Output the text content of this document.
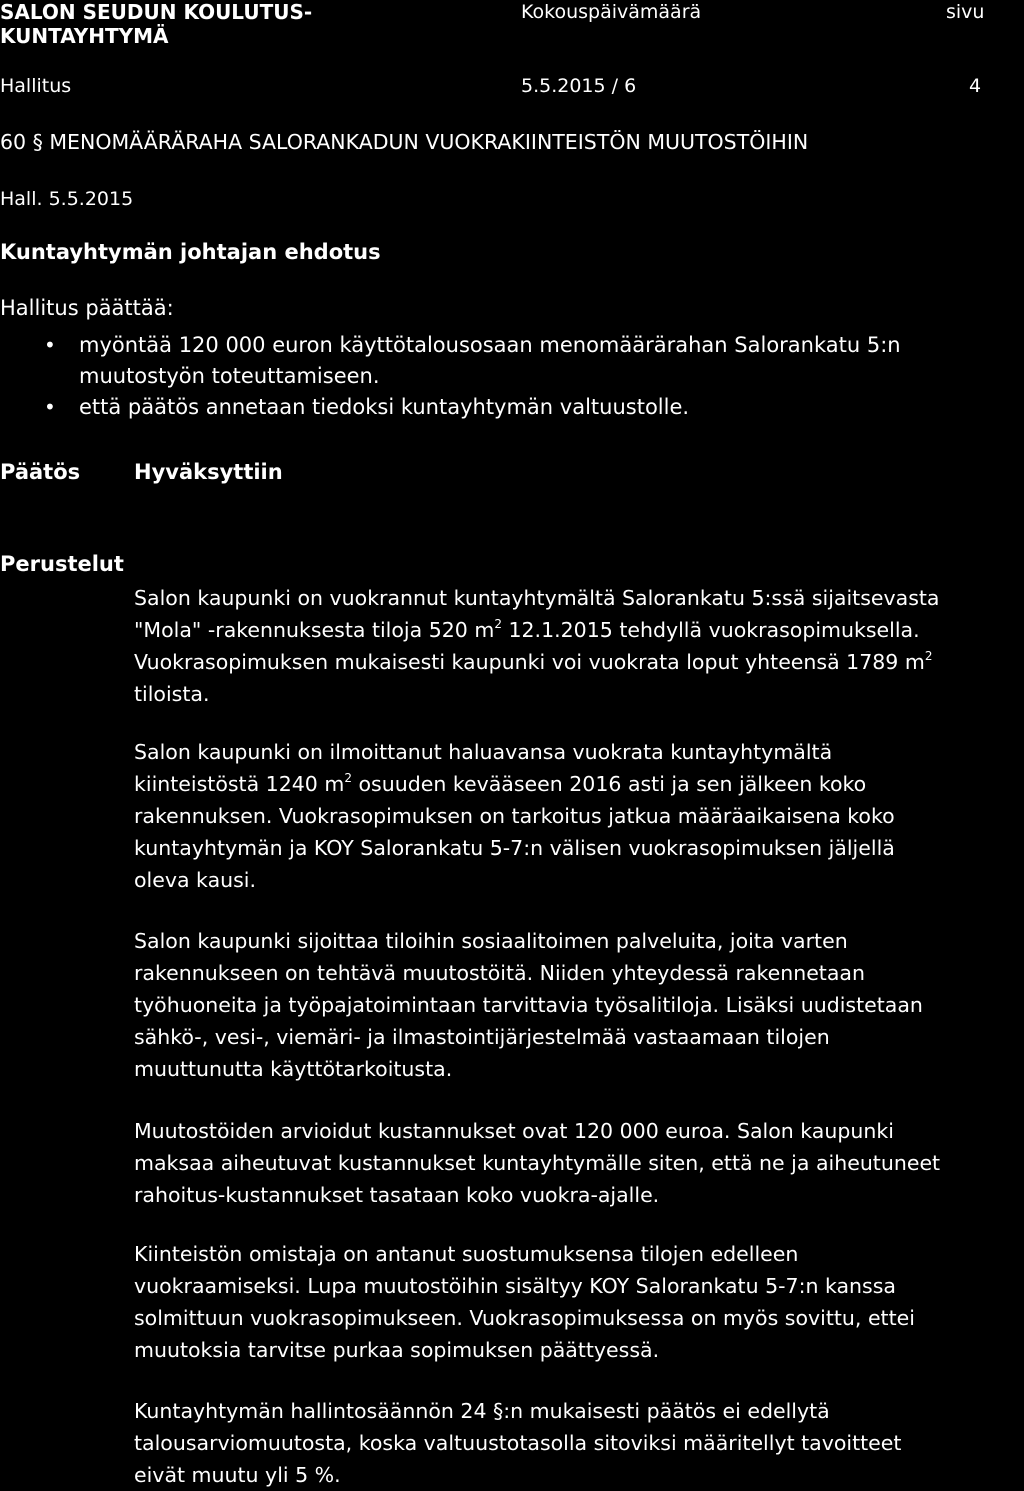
SALON SEUDUN KOULUTUS-
KUNTAYHTYMÄ
Kokouspäivämäärä	sivu
Hallitus	5.5.2015 / 6	4
60 § MENOMÄÄRÄRAHA SALORANKADUN VUOKRAKIINTEISTÖN MUUTOSTÖIHIN
Hall. 5.5.2015
Kuntayhtymän johtajan ehdotus
Hallitus päättää:
• myöntää 120 000 euron käyttötalousosaan menomäärärahan Salorankatu 5:n
muutostyön toteuttamiseen.
• että päätös annetaan tiedoksi kuntayhtymän valtuustolle.
Päätös	Hyväksyttiin
Perustelut
Salon kaupunki on vuokrannut kuntayhtymältä Salorankatu 5:ssä sijaitsevasta
"Mola" -rakennuksesta tiloja 520 $m^2$ 12.1.2015 tehdyllä vuokrasopimuksella.
Vuokrasopimuksen mukaisesti kaupunki voi vuokrata loput yhteensä 1789 $m^2$
tiloista.
Salon kaupunki on ilmoittanut haluavansa vuokrata kuntayhtymältä
kiinteistöstä 1240 $m^2$ osuuden kevääseen 2016 asti ja sen jälkeen koko
rakennuksen. Vuokrasopimuksen on tarkoitus jatkua määräaikaisena koko
kuntayhtymän ja KOY Salorankatu 5-7:n välisen vuokrasopimuksen jäljellä
oleva kausi.
Salon kaupunki sijoittaa tiloihin sosiaalitoimen palveluita, joita varten
rakennukseen on tehtävä muutostöitä. Niiden yhteydessä rakennetaan
työhuoneita ja työpajatoimintaan tarvittavia työsalitiloja. Lisäksi uudistetaan
sähkö-, vesi-, viemäri- ja ilmastointijärjestelmää vastaamaan tilojen
muuttunutta käyttötarkoitusta.
Muutostöiden arvioidut kustannukset ovat 120 000 euroa. Salon kaupunki
maksaa aiheutuvat kustannukset kuntayhtymälle siten, että ne ja aiheutuneet
rahoitus-kustannukset tasataan koko vuokra-ajalle.
Kiinteistön omistaja on antanut suostumuksensa tilojen edelleen
vuokraamiseksi. Lupa muutostöihin sisältyy KOY Salorankatu 5-7:n kanssa
solmittuun vuokrasopimukseen. Vuokrasopimuksessa on myös sovittu, ettei
muutoksia tarvitse purkaa sopimuksen päättyessä.
Kuntayhtymän hallintosäännön 24 §:n mukaisesti päätös ei edellytä
talousarviomuutosta, koska valtuustotasolla sitoviksi määritellyt tavoitteet
eivät muutu yli 5 %.
